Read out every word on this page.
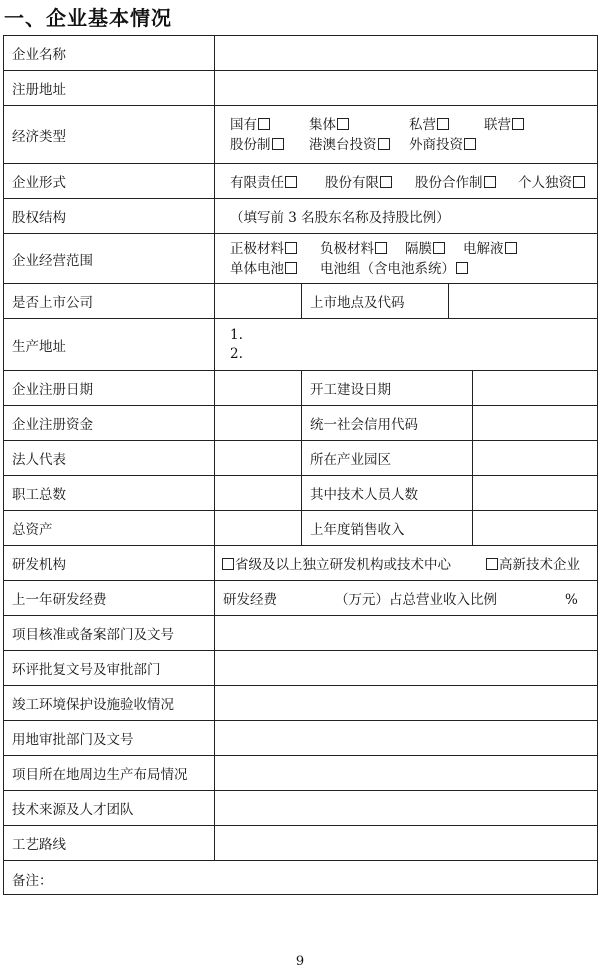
一、企业基本情况
企业名称				
注册地址				
经济类型	国有 集体 私营 联营
股份制 港澳台投资 外商投资			

企业形式	有限责任 股份有限 股份合作制 个人独资			
股权结构	（填写前 3 名股东名称及持股比例）			
企业经营范围	正极材料 负极材料 隔膜 电解液
单体电池 电池组（含电池系统）			

是否上市公司		上市地点及代码		
生产地址	1.
2.			

企业注册日期		开工建设日期		
企业注册资金		统一社会信用代码		
法人代表		所在产业园区		
职工总数		其中技术人员人数		
总资产		上年度销售收入		
研发机构	省级及以上独立研发机构或技术中心 高新技术企业			
上一年研发经费	研发经费 （万元）占总营业收入比例 %			
项目核准或备案部门及文号				
环评批复文号及审批部门				
竣工环境保护设施验收情况				
用地审批部门及文号				
项目所在地周边生产布局情况				
技术来源及人才团队				
工艺路线				
备注：				
9
